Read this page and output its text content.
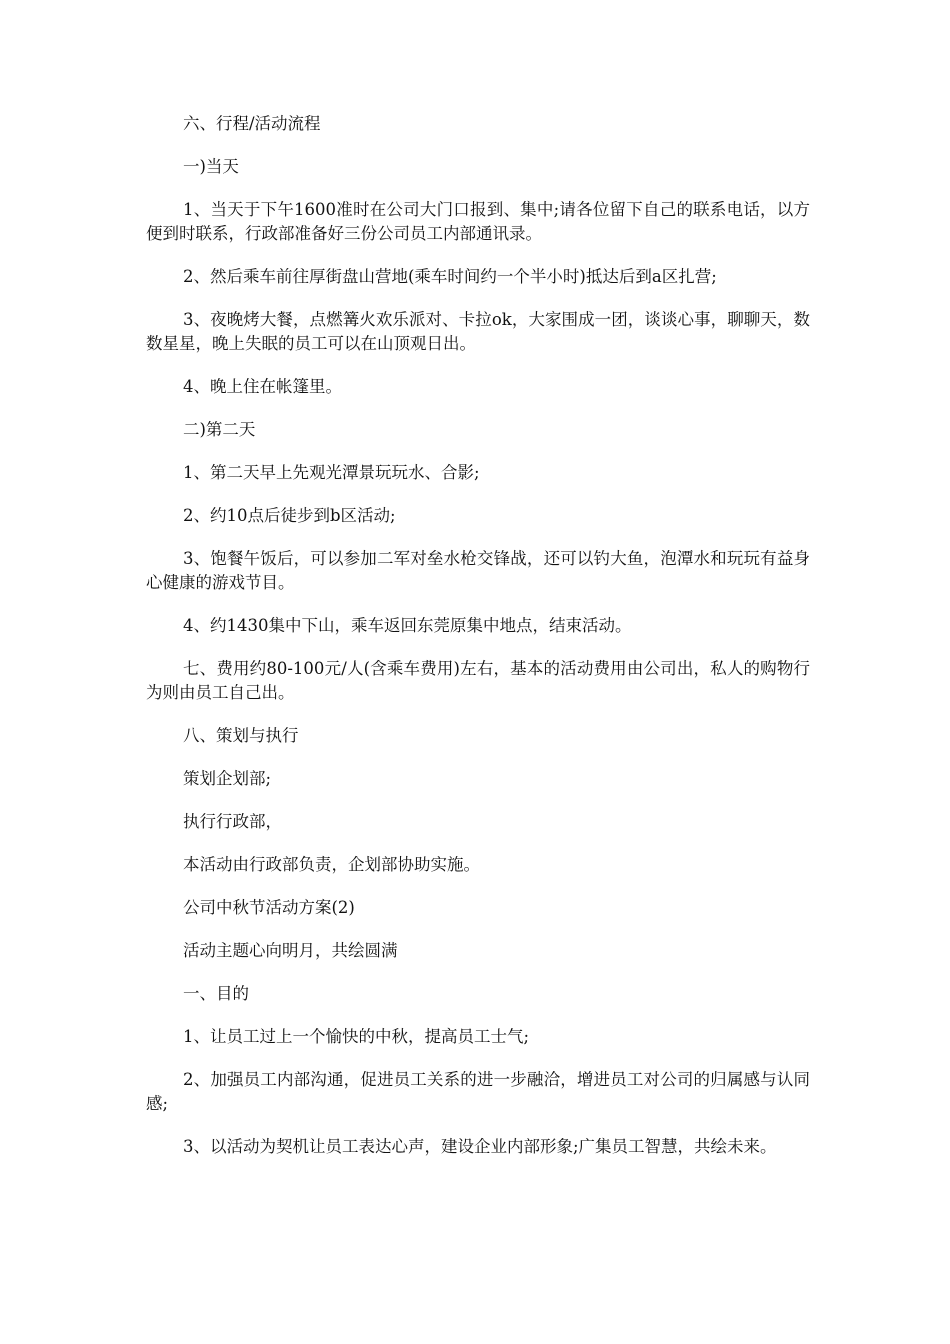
六、行程/活动流程

一)当天

1、当天于下午1600准时在公司大门口报到、集中;请各位留下自己的联系电话，以方便到时联系，行政部准备好三份公司员工内部通讯录。

2、然后乘车前往厚街盘山营地(乘车时间约一个半小时)抵达后到a区扎营;

3、夜晚烤大餐，点燃篝火欢乐派对、卡拉ok，大家围成一团，谈谈心事，聊聊天，数数星星，晚上失眠的员工可以在山顶观日出。

4、晚上住在帐篷里。

二)第二天

1、第二天早上先观光潭景玩玩水、合影;

2、约10点后徒步到b区活动;

3、饱餐午饭后，可以参加二军对垒水枪交锋战，还可以钓大鱼，泡潭水和玩玩有益身心健康的游戏节目。

4、约1430集中下山，乘车返回东莞原集中地点，结束活动。

七、费用约80-100元/人(含乘车费用)左右，基本的活动费用由公司出，私人的购物行为则由员工自己出。

八、策划与执行

策划企划部;

执行行政部，

本活动由行政部负责，企划部协助实施。

公司中秋节活动方案(2)

活动主题心向明月，共绘圆满

一、目的

1、让员工过上一个愉快的中秋，提高员工士气;

2、加强员工内部沟通，促进员工关系的进一步融洽，增进员工对公司的归属感与认同感;

3、以活动为契机让员工表达心声，建设企业内部形象;广集员工智慧，共绘未来。
